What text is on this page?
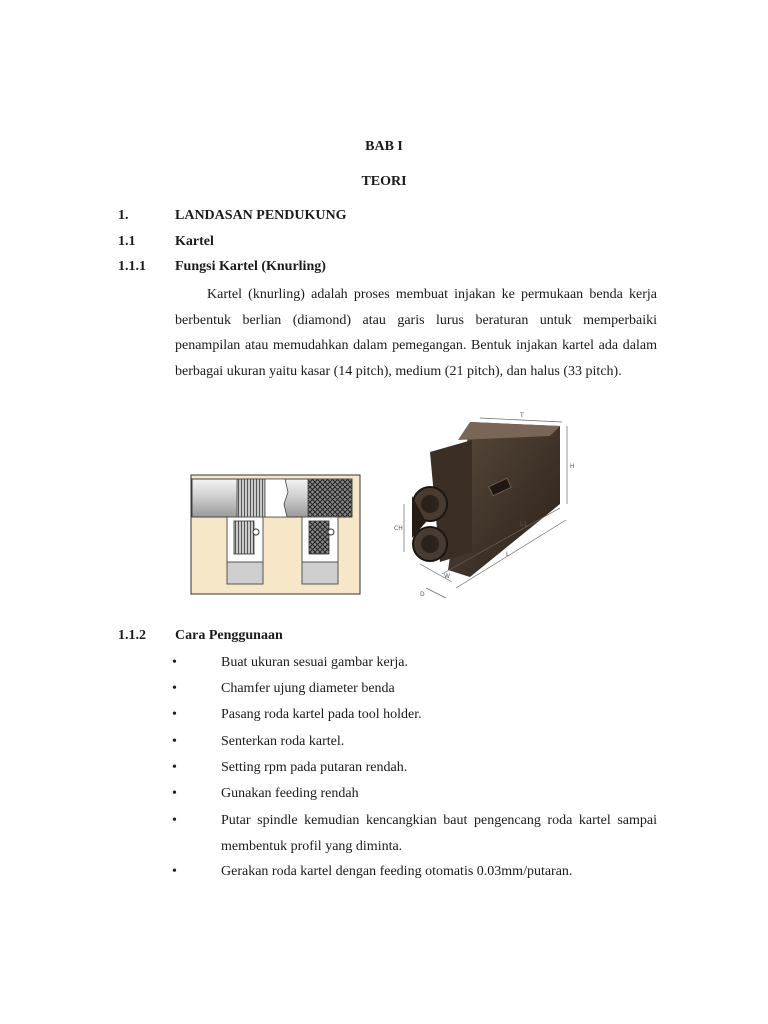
BAB I
TEORI
1.	LANDASAN PENDUKUNG
1.1	Kartel
1.1.1 Fungsi Kartel (Knurling)
Kartel (knurling) adalah proses membuat injakan ke permukaan benda kerja berbentuk berlian (diamond) atau garis lurus beraturan untuk memperbaiki penampilan atau memudahkan dalam pemegangan. Bentuk injakan kartel ada dalam berbagai ukuran yaitu kasar (14 pitch), medium (21 pitch), dan halus (33 pitch).
T
H
CH
L1
L
W
D
1.1.2 Cara Penggunaan
•	Buat ukuran sesuai gambar kerja.
•	Chamfer ujung diameter benda
•	Pasang roda kartel pada tool holder.
•	Senterkan roda kartel.
•	Setting rpm pada putaran rendah.
•	Gunakan feeding rendah
•	Putar spindle kemudian kencangkian baut pengencang roda kartel sampai membentuk profil yang diminta.
•	Gerakan roda kartel dengan feeding otomatis 0.03mm/putaran.
